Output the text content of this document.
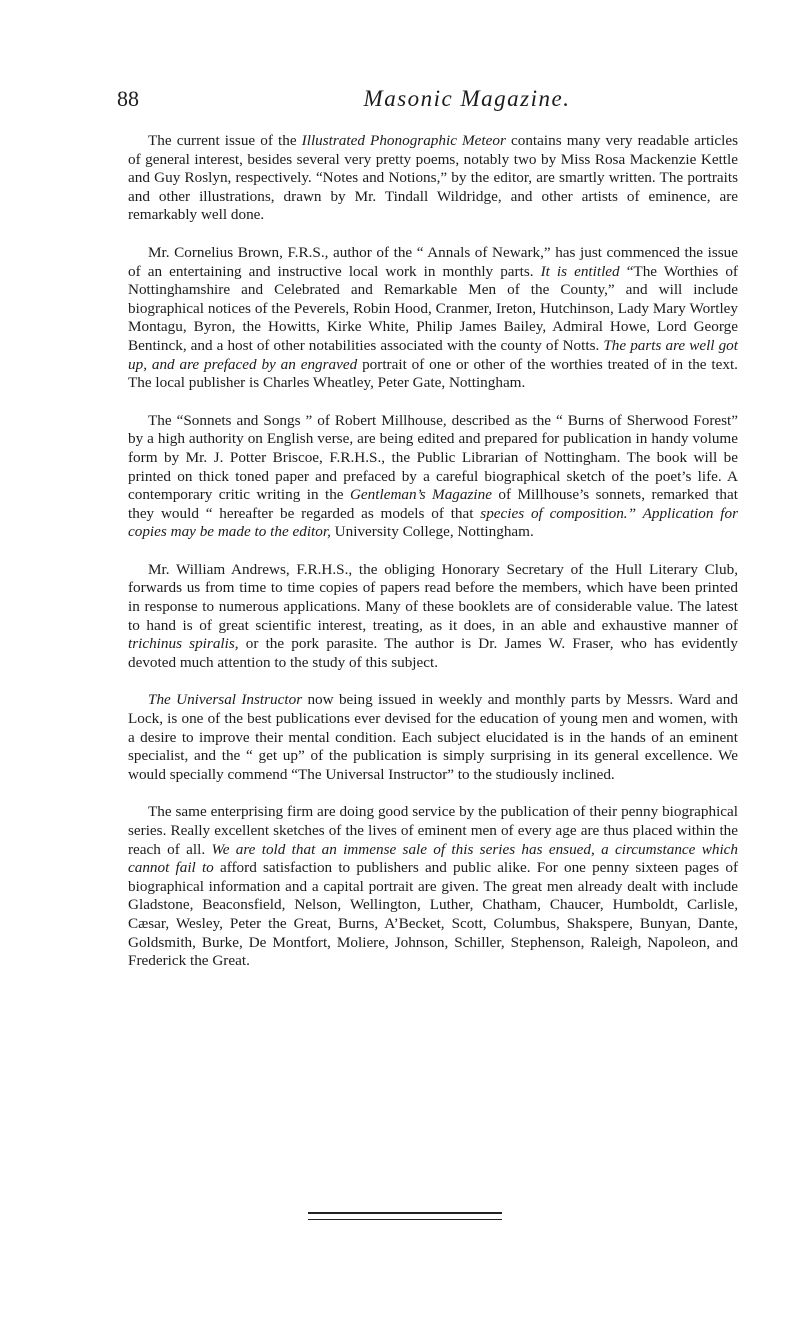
88	Masonic Magazine.

The current issue of the Illustrated Phonographic Meteor contains many very readable articles of general interest, besides several very pretty poems, notably two by Miss Rosa Mackenzie Kettle and Guy Roslyn, respectively. “Notes and Notions,” by the editor, are smartly written. The portraits and other illustrations, drawn by Mr. Tindall Wildridge, and other artists of eminence, are remarkably well done.

Mr. Cornelius Brown, F.R.S., author of the “ Annals of Newark,” has just commenced the issue of an entertaining and instructive local work in monthly parts. It is entitled “The Worthies of Nottinghamshire and Celebrated and Remarkable Men of the County,” and will include biographical notices of the Peverels, Robin Hood, Cranmer, Ireton, Hutchinson, Lady Mary Wortley Montagu, Byron, the Howitts, Kirke White, Philip James Bailey, Admiral Howe, Lord George Bentinck, and a host of other notabilities associated with the county of Notts. The parts are well got up, and are prefaced by an engraved portrait of one or other of the worthies treated of in the text. The local publisher is Charles Wheatley, Peter Gate, Nottingham.

The “Sonnets and Songs ” of Robert Millhouse, described as the “ Burns of Sherwood Forest” by a high authority on English verse, are being edited and prepared for publication in handy volume form by Mr. J. Potter Briscoe, F.R.H.S., the Public Librarian of Nottingham. The book will be printed on thick toned paper and prefaced by a careful biographical sketch of the poet’s life. A contemporary critic writing in the Gentleman’s Magazine of Millhouse’s sonnets, remarked that they would “ hereafter be regarded as models of that species of composition.” Application for copies may be made to the editor, University College, Nottingham.

Mr. William Andrews, F.R.H.S., the obliging Honorary Secretary of the Hull Literary Club, forwards us from time to time copies of papers read before the members, which have been printed in response to numerous applications. Many of these booklets are of considerable value. The latest to hand is of great scientific interest, treating, as it does, in an able and exhaustive manner of trichinus spiralis, or the pork parasite. The author is Dr. James W. Fraser, who has evidently devoted much attention to the study of this subject.

The Universal Instructor now being issued in weekly and monthly parts by Messrs. Ward and Lock, is one of the best publications ever devised for the education of young men and women, with a desire to improve their mental condition. Each subject elucidated is in the hands of an eminent specialist, and the “ get up” of the publication is simply surprising in its general excellence. We would specially commend “The Universal Instructor” to the studiously inclined.

The same enterprising firm are doing good service by the publication of their penny biographical series. Really excellent sketches of the lives of eminent men of every age are thus placed within the reach of all. We are told that an immense sale of this series has ensued, a circumstance which cannot fail to afford satisfaction to publishers and public alike. For one penny sixteen pages of biographical information and a capital portrait are given. The great men already dealt with include Gladstone, Beaconsfield, Nelson, Wellington, Luther, Chatham, Chaucer, Humboldt, Carlisle, Cæsar, Wesley, Peter the Great, Burns, A’Becket, Scott, Columbus, Shakspere, Bunyan, Dante, Goldsmith, Burke, De Montfort, Moliere, Johnson, Schiller, Stephenson, Raleigh, Napoleon, and Frederick the Great.
